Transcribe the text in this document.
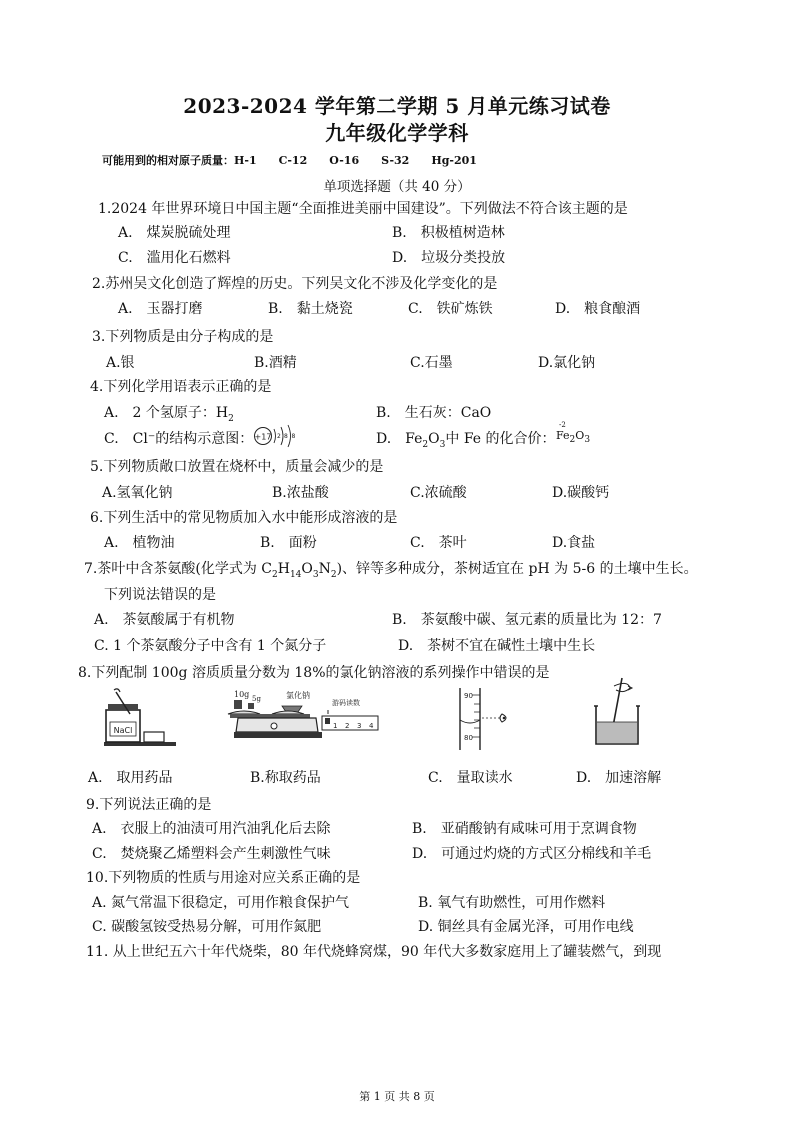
2023-2024 学年第二学期 5 月单元练习试卷
九年级化学学科
可能用到的相对原子质量：H-1　　C-12　　O-16　　S-32　　Hg-201
单项选择题（共 40 分）
1.2024 年世界环境日中国主题“全面推进美丽中国建设”。下列做法不符合该主题的是
A.　煤炭脱硫处理	B.　积极植树造林
C.　滥用化石燃料	D.　垃圾分类投放
2.苏州吴文化创造了辉煌的历史。下列吴文化不涉及化学变化的是
A.　玉器打磨	B.　黏土烧瓷	C.　铁矿炼铁	D.　粮食酿酒
3.下列物质是由分子构成的是
A.银	B.酒精	C.石墨	D.氯化钠
4.下列化学用语表示正确的是
A.　2 个氢原子：$H_2$	B.　生石灰：CaO
C.　Cl⁻的结构示意图： +17 2 8 8	D.　$Fe_2O_3$中 Fe 的化合价：
-2
$Fe_2O_3$
5.下列物质敞口放置在烧杯中，质量会减少的是
A.氢氧化钠	B.浓盐酸	C.浓硫酸	D.碳酸钙
6.下列生活中的常见物质加入水中能形成溶液的是
A.　植物油	B.　面粉	C.　茶叶	D.食盐
7.茶叶中含茶氨酸(化学式为 $C_2H_{14}O_3N_2$)、锌等多种成分，茶树适宜在 pH 为 5-6 的土壤中生长。
下列说法错误的是
A.　茶氨酸属于有机物	B.　茶氨酸中碳、氢元素的质量比为 12：7
C. 1 个茶氨酸分子中含有 1 个氮分子	D.　茶树不宜在碱性土壤中生长
8.下列配制 100g 溶质质量分数为 18%的氯化钠溶液的系列操作中错误的是
NaCl
10g 5g	氯化钠
游码读数
1 2 3 4
90
80
A.　取用药品	B.称取药品	C.　量取读水	D.　加速溶解
9.下列说法正确的是
A.　衣服上的油渍可用汽油乳化后去除	B.　亚硝酸钠有咸味可用于烹调食物
C.　焚烧聚乙烯塑料会产生刺激性气味	D.　可通过灼烧的方式区分棉线和羊毛
10.下列物质的性质与用途对应关系正确的是
A. 氮气常温下很稳定，可用作粮食保护气	B. 氧气有助燃性，可用作燃料
C. 碳酸氢铵受热易分解，可用作氮肥	D. 铜丝具有金属光泽，可用作电线
11. 从上世纪五六十年代烧柴，80 年代烧蜂窝煤，90 年代大多数家庭用上了罐装燃气，到现
第 1 页 共 8 页
